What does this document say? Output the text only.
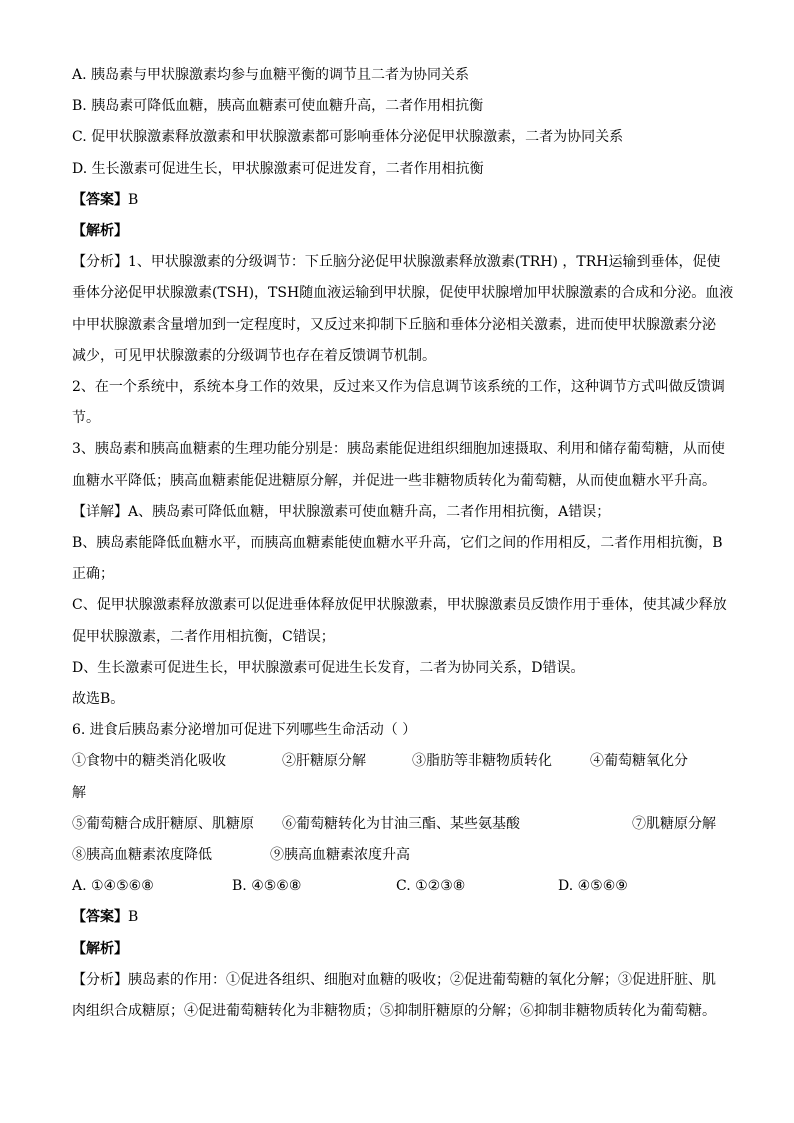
A. 胰岛素与甲状腺激素均参与血糖平衡的调节且二者为协同关系
B. 胰岛素可降低血糖，胰高血糖素可使血糖升高，二者作用相抗衡
C. 促甲状腺激素释放激素和甲状腺激素都可影响垂体分泌促甲状腺激素，二者为协同关系
D. 生长激素可促进生长，甲状腺激素可促进发育，二者作用相抗衡
【答案】B
【解析】
【分析】1、甲状腺激素的分级调节：下丘脑分泌促甲状腺激素释放激素(TRH) ，TRH运输到垂体，促使
垂体分泌促甲状腺激素(TSH)，TSH随血液运输到甲状腺，促使甲状腺增加甲状腺激素的合成和分泌。血液
中甲状腺激素含量增加到一定程度时，又反过来抑制下丘脑和垂体分泌相关激素，进而使甲状腺激素分泌
减少，可见甲状腺激素的分级调节也存在着反馈调节机制。
2、在一个系统中，系统本身工作的效果，反过来又作为信息调节该系统的工作，这种调节方式叫做反馈调
节。
3、胰岛素和胰高血糖素的生理功能分别是：胰岛素能促进组织细胞加速摄取、利用和储存葡萄糖，从而使
血糖水平降低；胰高血糖素能促进糖原分解，并促进一些非糖物质转化为葡萄糖，从而使血糖水平升高。
【详解】A、胰岛素可降低血糖，甲状腺激素可使血糖升高，二者作用相抗衡，A错误；
B、胰岛素能降低血糖水平，而胰高血糖素能使血糖水平升高，它们之间的作用相反，二者作用相抗衡，B
正确；
C、促甲状腺激素释放激素可以促进垂体释放促甲状腺激素，甲状腺激素员反馈作用于垂体，使其减少释放
促甲状腺激素，二者作用相抗衡，C错误；
D、生长激素可促进生长，甲状腺激素可促进生长发育，二者为协同关系，D错误。
故选B。
6. 进食后胰岛素分泌增加可促进下列哪些生命活动（ ）
①食物中的糖类消化吸收	②肝糖原分解	③脂肪等非糖物质转化	④葡萄糖氧化分
解
⑤葡萄糖合成肝糖原、肌糖原	⑥葡萄糖转化为甘油三酯、某些氨基酸	⑦肌糖原分解
⑧胰高血糖素浓度降低	⑨胰高血糖素浓度升高
A. ①④⑤⑥⑧	B. ④⑤⑥⑧	C. ①②③⑧	D. ④⑤⑥⑨
【答案】B
【解析】
【分析】胰岛素的作用：①促进各组织、细胞对血糖的吸收；②促进葡萄糖的氧化分解；③促进肝脏、肌
肉组织合成糖原；④促进葡萄糖转化为非糖物质；⑤抑制肝糖原的分解；⑥抑制非糖物质转化为葡萄糖。
